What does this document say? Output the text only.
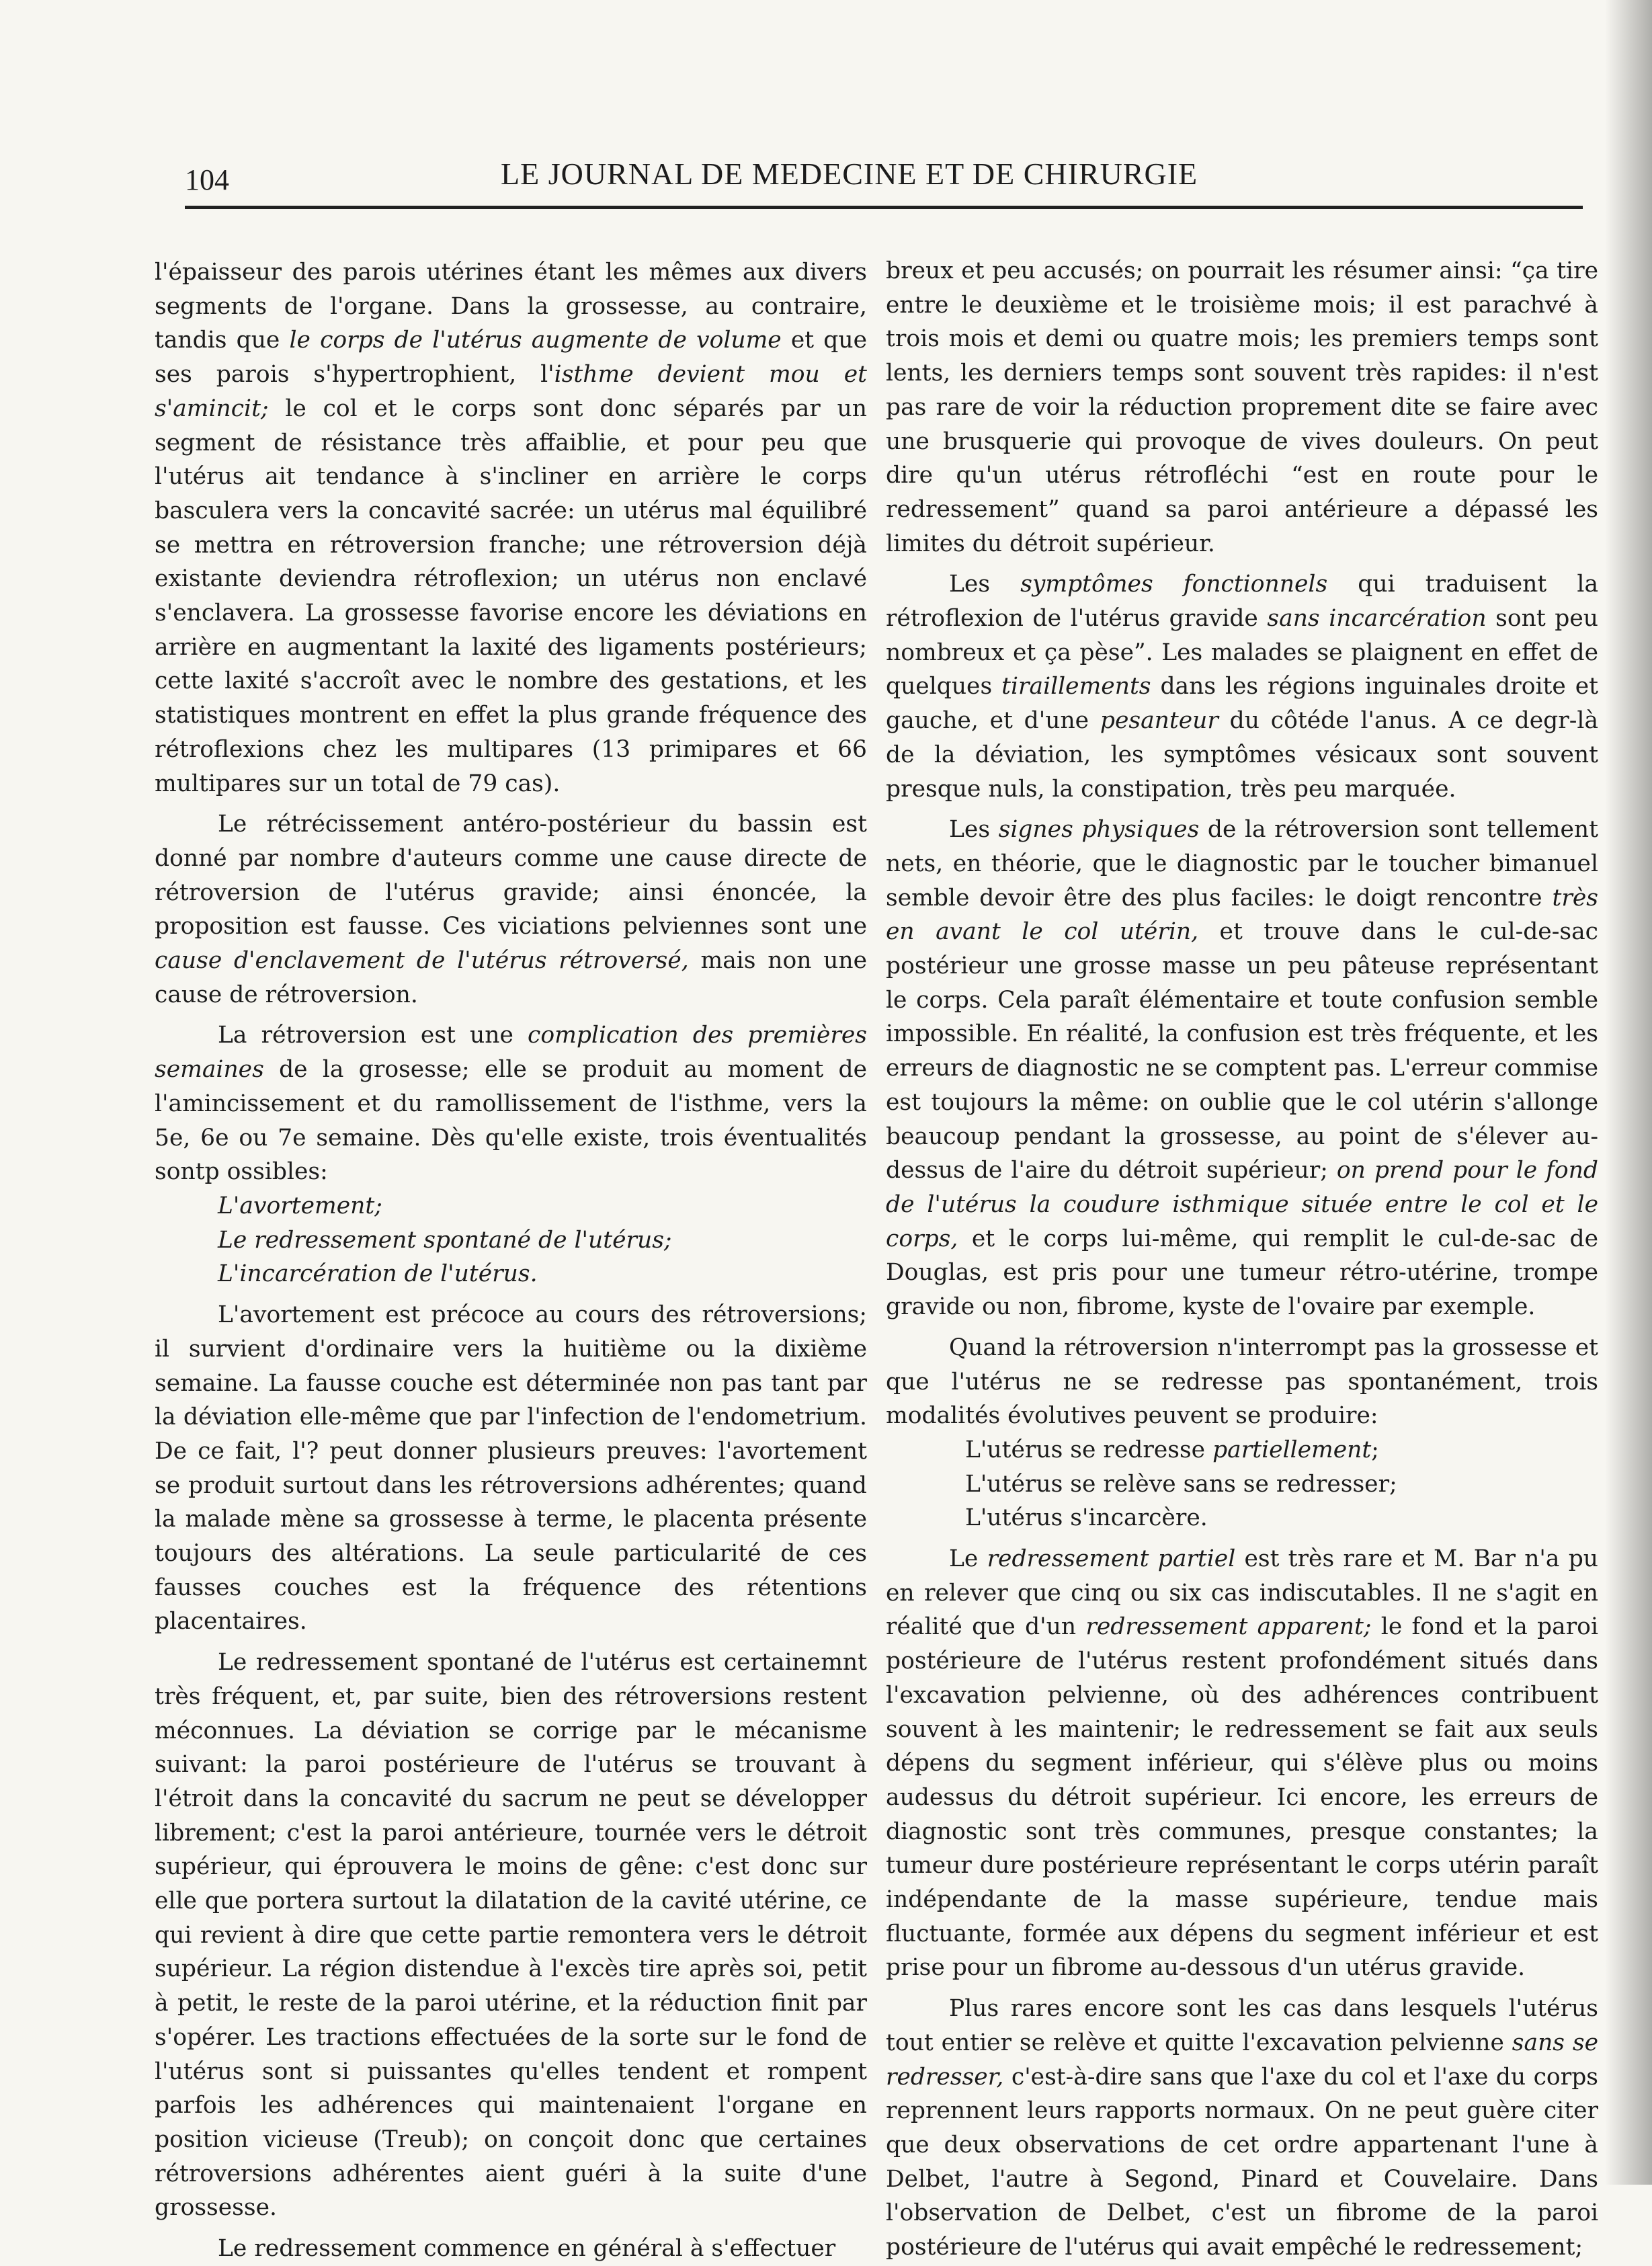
104	LE JOURNAL DE MEDECINE ET DE CHIRURGIE

l'épaisseur des parois utérines étant les mêmes aux divers segments de l'organe. Dans la grossesse, au contraire, tandis que le corps de l'utérus augmente de volume et que ses parois s'hypertrophient, l'isthme devient mou et s'amincit; le col et le corps sont donc séparés par un segment de résistance très affaiblie, et pour peu que l'utérus ait tendance à s'incliner en arrière le corps basculera vers la concavité sacrée: un utérus mal équilibré se mettra en rétroversion franche; une rétroversion déjà existante deviendra rétroflexion; un utérus non enclavé s'enclavera. La grossesse favorise encore les déviations en arrière en augmentant la laxité des ligaments postérieurs; cette laxité s'accroît avec le nombre des gestations, et les statistiques montrent en effet la plus grande fréquence des rétroflexions chez les multipares (13 primipares et 66 multipares sur un total de 79 cas).

Le rétrécissement antéro-postérieur du bassin est donné par nombre d'auteurs comme une cause directe de rétroversion de l'utérus gravide; ainsi énoncée, la proposition est fausse. Ces viciations pelviennes sont une cause d'enclavement de l'utérus rétroversé, mais non une cause de rétroversion.

La rétroversion est une complication des premières semaines de la grosesse; elle se produit au moment de l'amincissement et du ramollissement de l'isthme, vers la 5e, 6e ou 7e semaine. Dès qu'elle existe, trois éventualités sontp ossibles:

L'avortement;

Le redressement spontané de l'utérus;

L'incarcération de l'utérus.

L'avortement est précoce au cours des rétroversions; il survient d'ordinaire vers la huitième ou la dixième semaine. La fausse couche est déterminée non pas tant par la déviation elle-même que par l'infection de l'endometrium. De ce fait, l'? peut donner plusieurs preuves: l'avortement se produit surtout dans les rétroversions adhérentes; quand la malade mène sa grossesse à terme, le placenta présente toujours des altérations. La seule particularité de ces fausses couches est la fréquence des rétentions placentaires.

Le redressement spontané de l'utérus est certainemnt très fréquent, et, par suite, bien des rétroversions restent méconnues. La déviation se corrige par le mécanisme suivant: la paroi postérieure de l'utérus se trouvant à l'étroit dans la concavité du sacrum ne peut se développer librement; c'est la paroi antérieure, tournée vers le détroit supérieur, qui éprouvera le moins de gêne: c'est donc sur elle que portera surtout la dilatation de la cavité utérine, ce qui revient à dire que cette partie remontera vers le détroit supérieur. La région distendue à l'excès tire après soi, petit à petit, le reste de la paroi utérine, et la réduction finit par s'opérer. Les tractions effectuées de la sorte sur le fond de l'utérus sont si puissantes qu'elles tendent et rompent parfois les adhérences qui maintenaient l'organe en position vicieuse (Treub); on conçoit donc que certaines rétroversions adhérentes aient guéri à la suite d'une grossesse.

Le redressement commence en général à s'effectuer

breux et peu accusés; on pourrait les résumer ainsi: “ça tire entre le deuxième et le troisième mois; il est parachvé à trois mois et demi ou quatre mois; les premiers temps sont lents, les derniers temps sont souvent très rapides: il n'est pas rare de voir la réduction proprement dite se faire avec une brusquerie qui provoque de vives douleurs. On peut dire qu'un utérus rétrofléchi “est en route pour le redressement” quand sa paroi antérieure a dépassé les limites du détroit supérieur.

Les symptômes fonctionnels qui traduisent la rétroflexion de l'utérus gravide sans incarcération sont peu nombreux et ça pèse”. Les malades se plaignent en effet de quelques tiraillements dans les régions inguinales droite et gauche, et d'une pesanteur du côtéde l'anus. A ce degr-là de la déviation, les symptômes vésicaux sont souvent presque nuls, la constipation, très peu marquée.

Les signes physiques de la rétroversion sont tellement nets, en théorie, que le diagnostic par le toucher bimanuel semble devoir être des plus faciles: le doigt rencontre très en avant le col utérin, et trouve dans le cul-de-sac postérieur une grosse masse un peu pâteuse représentant le corps. Cela paraît élémentaire et toute confusion semble impossible. En réalité, la confusion est très fréquente, et les erreurs de diagnostic ne se comptent pas. L'erreur commise est toujours la même: on oublie que le col utérin s'allonge beaucoup pendant la grossesse, au point de s'élever au-dessus de l'aire du détroit supérieur; on prend pour le fond de l'utérus la coudure isthmique située entre le col et le corps, et le corps lui-même, qui remplit le cul-de-sac de Douglas, est pris pour une tumeur rétro-utérine, trompe gravide ou non, fibrome, kyste de l'ovaire par exemple.

Quand la rétroversion n'interrompt pas la grossesse et que l'utérus ne se redresse pas spontanément, trois modalités évolutives peuvent se produire:

L'utérus se redresse partiellement;

L'utérus se relève sans se redresser;

L'utérus s'incarcère.

Le redressement partiel est très rare et M. Bar n'a pu en relever que cinq ou six cas indiscutables. Il ne s'agit en réalité que d'un redressement apparent; le fond et la paroi postérieure de l'utérus restent profondément situés dans l'excavation pelvienne, où des adhérences contribuent souvent à les maintenir; le redressement se fait aux seuls dépens du segment inférieur, qui s'élève plus ou moins audessus du détroit supérieur. Ici encore, les erreurs de diagnostic sont très communes, presque constantes; la tumeur dure postérieure représentant le corps utérin paraît indépendante de la masse supérieure, tendue mais fluctuante, formée aux dépens du segment inférieur et est prise pour un fibrome au-dessous d'un utérus gravide.

Plus rares encore sont les cas dans lesquels l'utérus tout entier se relève et quitte l'excavation pelvienne sans se redresser, c'est-à-dire sans que l'axe du col et l'axe du corps reprennent leurs rapports normaux. On ne peut guère citer que deux observations de cet ordre appartenant l'une à Delbet, l'autre à Segond, Pinard et Couvelaire. Dans l'observation de Delbet, c'est un fibrome de la paroi postérieure de l'utérus qui avait empêché le redressement;
